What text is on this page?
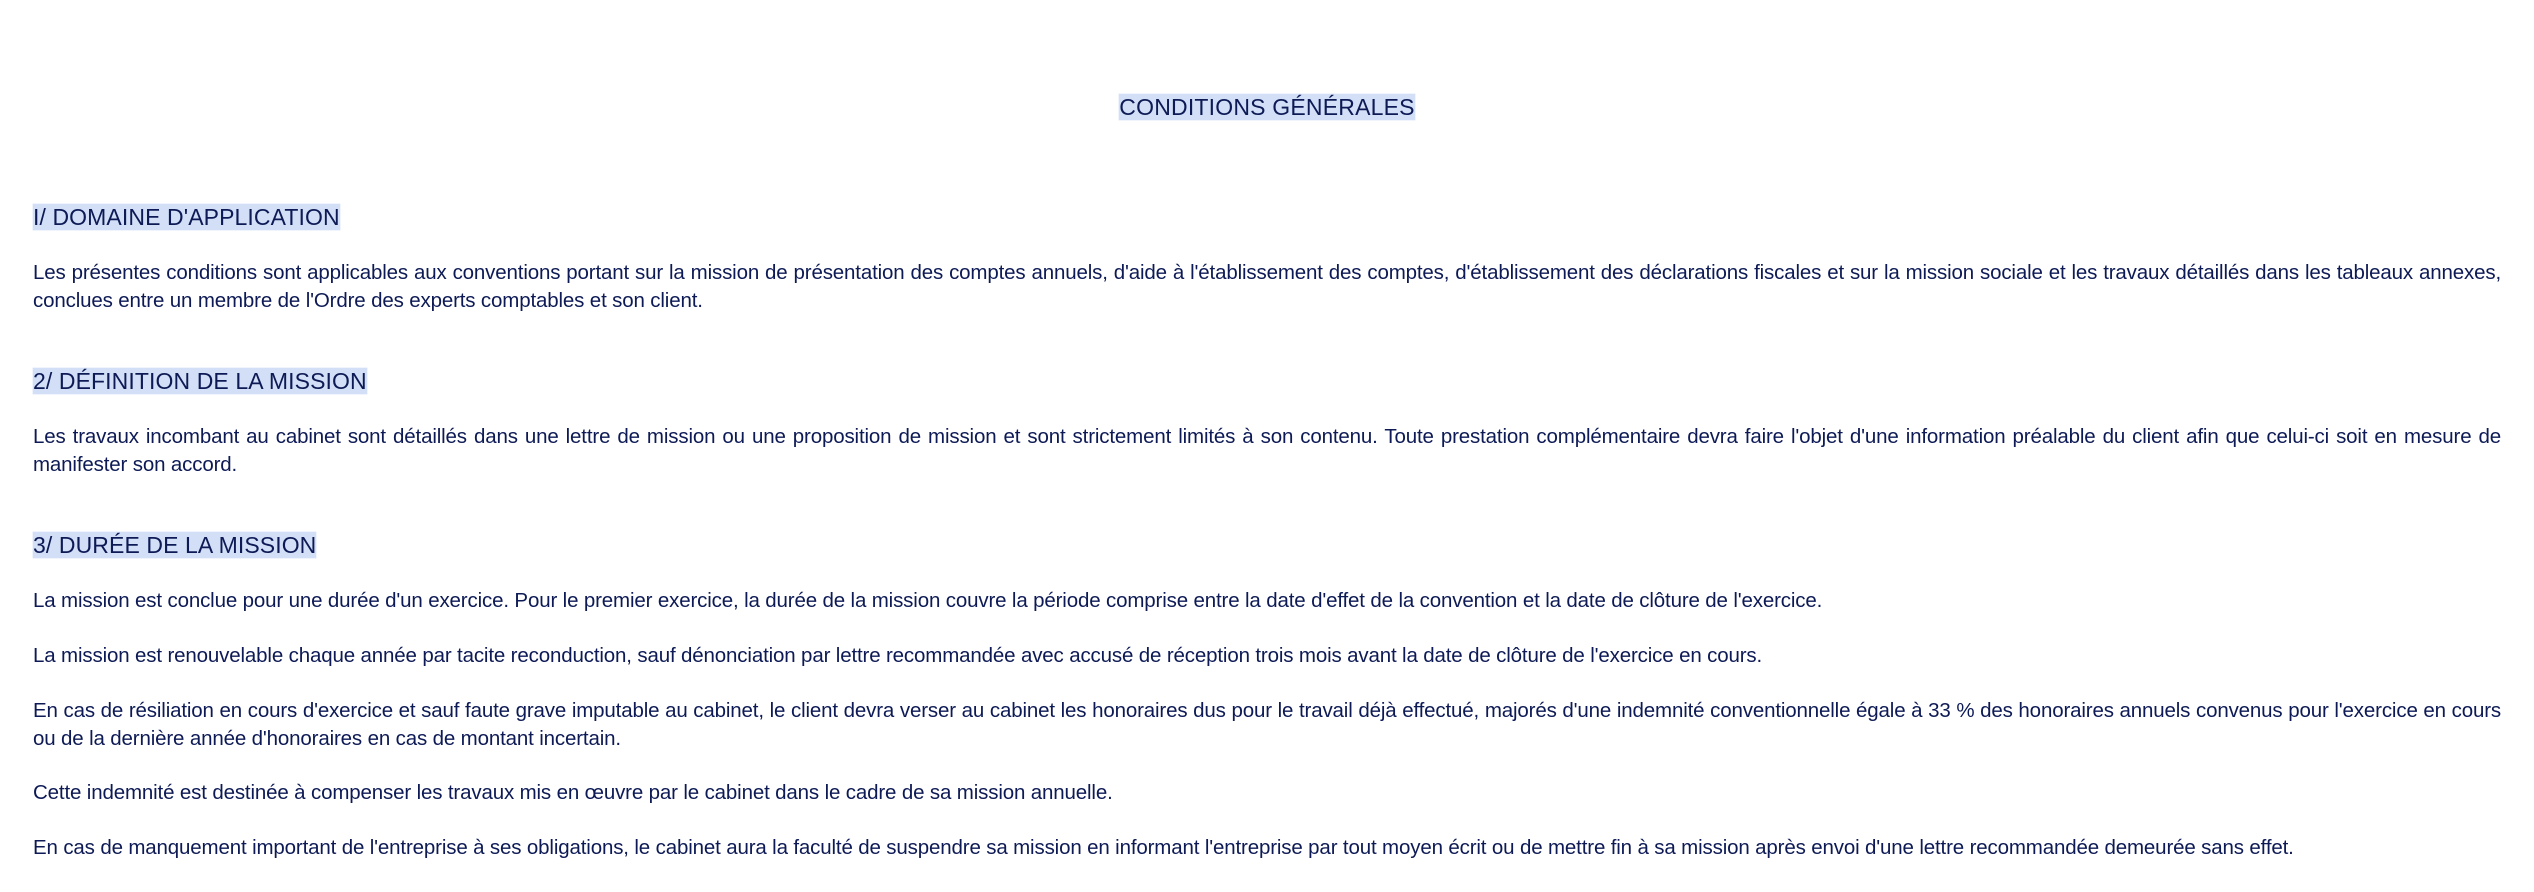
CONDITIONS GÉNÉRALES
I/ DOMAINE D'APPLICATION

Les présentes conditions sont applicables aux conventions portant sur la mission de présentation des comptes annuels, d'aide à l'établissement des comptes, d'établissement des déclarations fiscales et sur la mission sociale et les travaux détaillés dans les tableaux annexes, conclues entre un membre de l'Ordre des experts comptables et son client.

2/ DÉFINITION DE LA MISSION

Les travaux incombant au cabinet sont détaillés dans une lettre de mission ou une proposition de mission et sont strictement limités à son contenu. Toute prestation complémentaire devra faire l'objet d'une information préalable du client afin que celui-ci soit en mesure de manifester son accord.

3/ DURÉE DE LA MISSION

La mission est conclue pour une durée d'un exercice. Pour le premier exercice, la durée de la mission couvre la période comprise entre la date d'effet de la convention et la date de clôture de l'exercice.

La mission est renouvelable chaque année par tacite reconduction, sauf dénonciation par lettre recommandée avec accusé de réception trois mois avant la date de clôture de l'exercice en cours.

En cas de résiliation en cours d'exercice et sauf faute grave imputable au cabinet, le client devra verser au cabinet les honoraires dus pour le travail déjà effectué, majorés d'une indemnité conventionnelle égale à 33 % des honoraires annuels convenus pour l'exercice en cours ou de la dernière année d'honoraires en cas de montant incertain.

Cette indemnité est destinée à compenser les travaux mis en œuvre par le cabinet dans le cadre de sa mission annuelle.

En cas de manquement important de l'entreprise à ses obligations, le cabinet aura la faculté de suspendre sa mission en informant l'entreprise par tout moyen écrit ou de mettre fin à sa mission après envoi d'une lettre recommandée demeurée sans effet.
